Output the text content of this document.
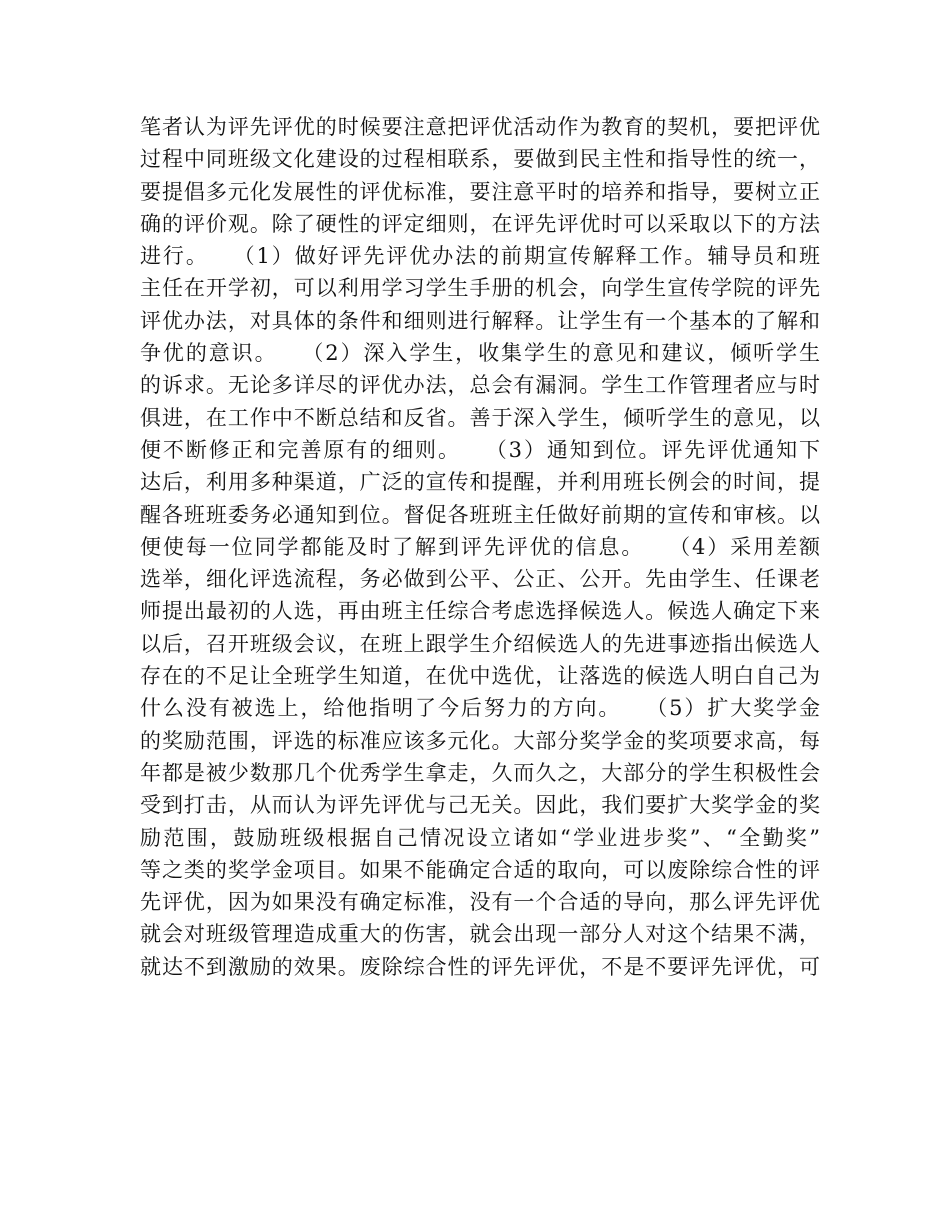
笔者认为评先评优的时候要注意把评优活动作为教育的契机，要把评优
过程中同班级文化建设的过程相联系，要做到民主性和指导性的统一，
要提倡多元化发展性的评优标准，要注意平时的培养和指导，要树立正
确的评价观。除了硬性的评定细则，在评先评优时可以采取以下的方法
进行。　　（1）做好评先评优办法的前期宣传解释工作。辅导员和班
主任在开学初，可以利用学习学生手册的机会，向学生宣传学院的评先
评优办法，对具体的条件和细则进行解释。让学生有一个基本的了解和
争优的意识。　　（2）深入学生，收集学生的意见和建议，倾听学生
的诉求。无论多详尽的评优办法，总会有漏洞。学生工作管理者应与时
俱进，在工作中不断总结和反省。善于深入学生，倾听学生的意见，以
便不断修正和完善原有的细则。　　（3）通知到位。评先评优通知下
达后，利用多种渠道，广泛的宣传和提醒，并利用班长例会的时间，提
醒各班班委务必通知到位。督促各班班主任做好前期的宣传和审核。以
便使每一位同学都能及时了解到评先评优的信息。　　（4）采用差额
选举，细化评选流程，务必做到公平、公正、公开。先由学生、任课老
师提出最初的人选，再由班主任综合考虑选择候选人。候选人确定下来
以后，召开班级会议，在班上跟学生介绍候选人的先进事迹指出候选人
存在的不足让全班学生知道，在优中选优，让落选的候选人明白自己为
什么没有被选上，给他指明了今后努力的方向。　　（5）扩大奖学金
的奖励范围，评选的标准应该多元化。大部分奖学金的奖项要求高，每
年都是被少数那几个优秀学生拿走，久而久之，大部分的学生积极性会
受到打击，从而认为评先评优与己无关。因此，我们要扩大奖学金的奖
励范围，鼓励班级根据自己情况设立诸如“学业进步奖”、“全勤奖”
等之类的奖学金项目。如果不能确定合适的取向，可以废除综合性的评
先评优，因为如果没有确定标准，没有一个合适的导向，那么评先评优
就会对班级管理造成重大的伤害，就会出现一部分人对这个结果不满，
就达不到激励的效果。废除综合性的评先评优，不是不要评先评优，可
